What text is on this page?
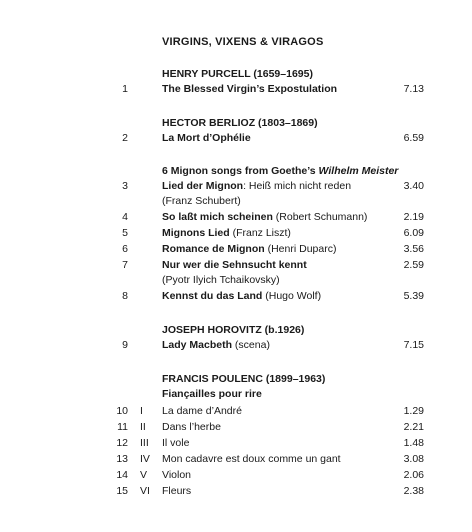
VIRGINS, VIXENS & VIRAGOS
HENRY PURCELL (1659–1695)
1	The Blessed Virgin’s Expostulation	7.13
HECTOR BERLIOZ (1803–1869)
2	La Mort d’Ophélie	6.59
6 Mignon songs from Goethe’s Wilhelm Meister
3	Lied der Mignon: Heiß mich nicht reden	3.40
(Franz Schubert)
4	So laßt mich scheinen (Robert Schumann)	2.19
5	Mignons Lied (Franz Liszt)	6.09
6	Romance de Mignon (Henri Duparc)	3.56
7	Nur wer die Sehnsucht kennt	2.59
(Pyotr Ilyich Tchaikovsky)
8	Kennst du das Land (Hugo Wolf)	5.39
JOSEPH HOROVITZ (b.1926)
9	Lady Macbeth (scena)	7.15
FRANCIS POULENC (1899–1963)
Fiançailles pour rire
10 I	La dame d’André	1.29
11 II	Dans l’herbe	2.21
12 III	Il vole	1.48
13 IV	Mon cadavre est doux comme un gant	3.08
14 V	Violon	2.06
15 VI	Fleurs	2.38
